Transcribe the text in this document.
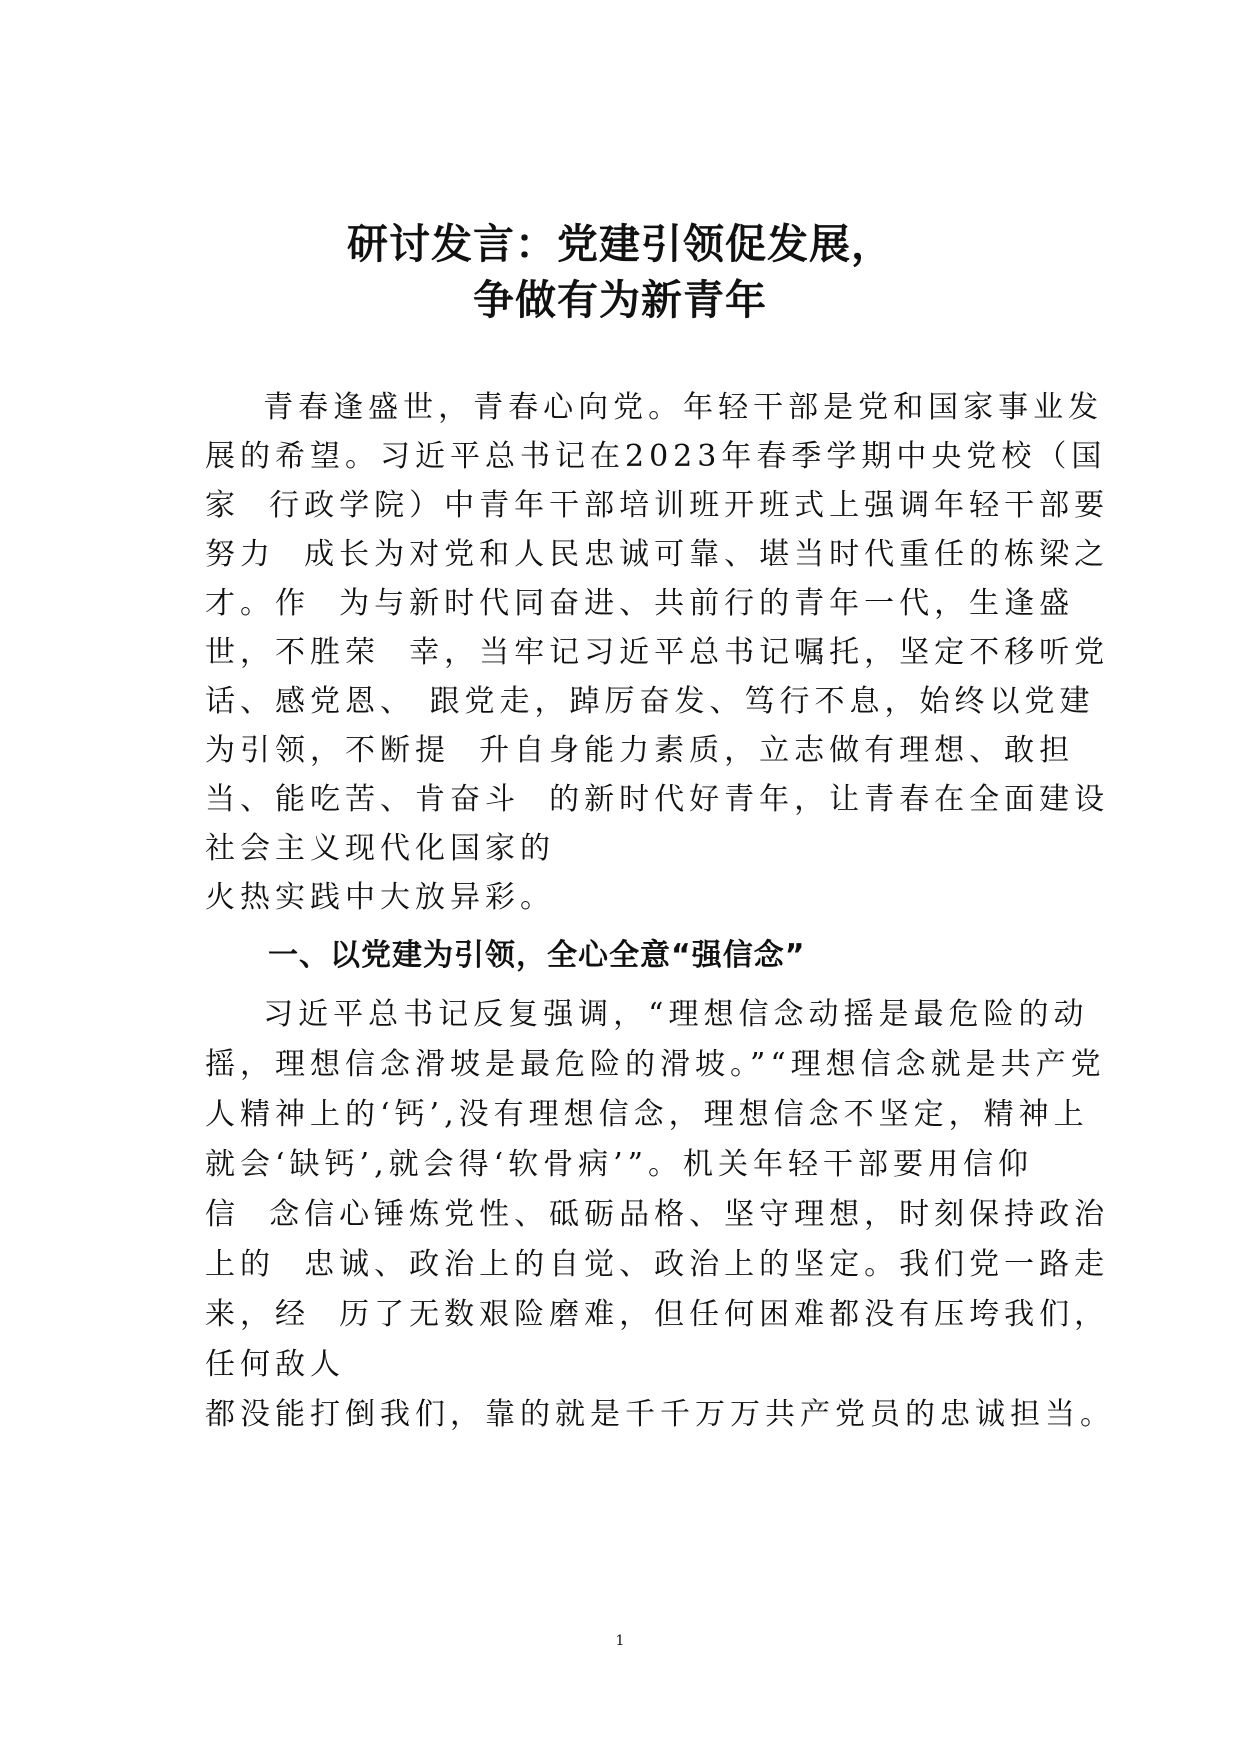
研讨发言：党建引领促发展，
争做有为新青年

青春逢盛世，青春心向党。年轻干部是党和国家事业发

展的希望。习近平总书记在2023年春季学期中央党校（国

家  行政学院）中青年干部培训班开班式上强调年轻干部要

努力  成长为对党和人民忠诚可靠、堪当时代重任的栋梁之

才。作  为与新时代同奋进、共前行的青年一代，生逢盛

世，不胜荣  幸，当牢记习近平总书记嘱托，坚定不移听党

话、感党恩、 跟党走，踔厉奋发、笃行不息，始终以党建

为引领，不断提  升自身能力素质，立志做有理想、敢担

当、能吃苦、肯奋斗  的新时代好青年，让青春在全面建设

社会主义现代化国家的

火热实践中大放异彩。

一、以党建为引领，全心全意“强信念”

习近平总书记反复强调，“理想信念动摇是最危险的动

摇，理想信念滑坡是最危险的滑坡。”“理想信念就是共产党

人精神上的‘钙’,没有理想信念，理想信念不坚定，精神上

就会‘缺钙’,就会得‘软骨病’”。机关年轻干部要用信仰

信  念信心锤炼党性、砥砺品格、坚守理想，时刻保持政治

上的  忠诚、政治上的自觉、政治上的坚定。我们党一路走

来，经  历了无数艰险磨难，但任何困难都没有压垮我们，

任何敌人

都没能打倒我们，靠的就是千千万万共产党员的忠诚担当。

1
